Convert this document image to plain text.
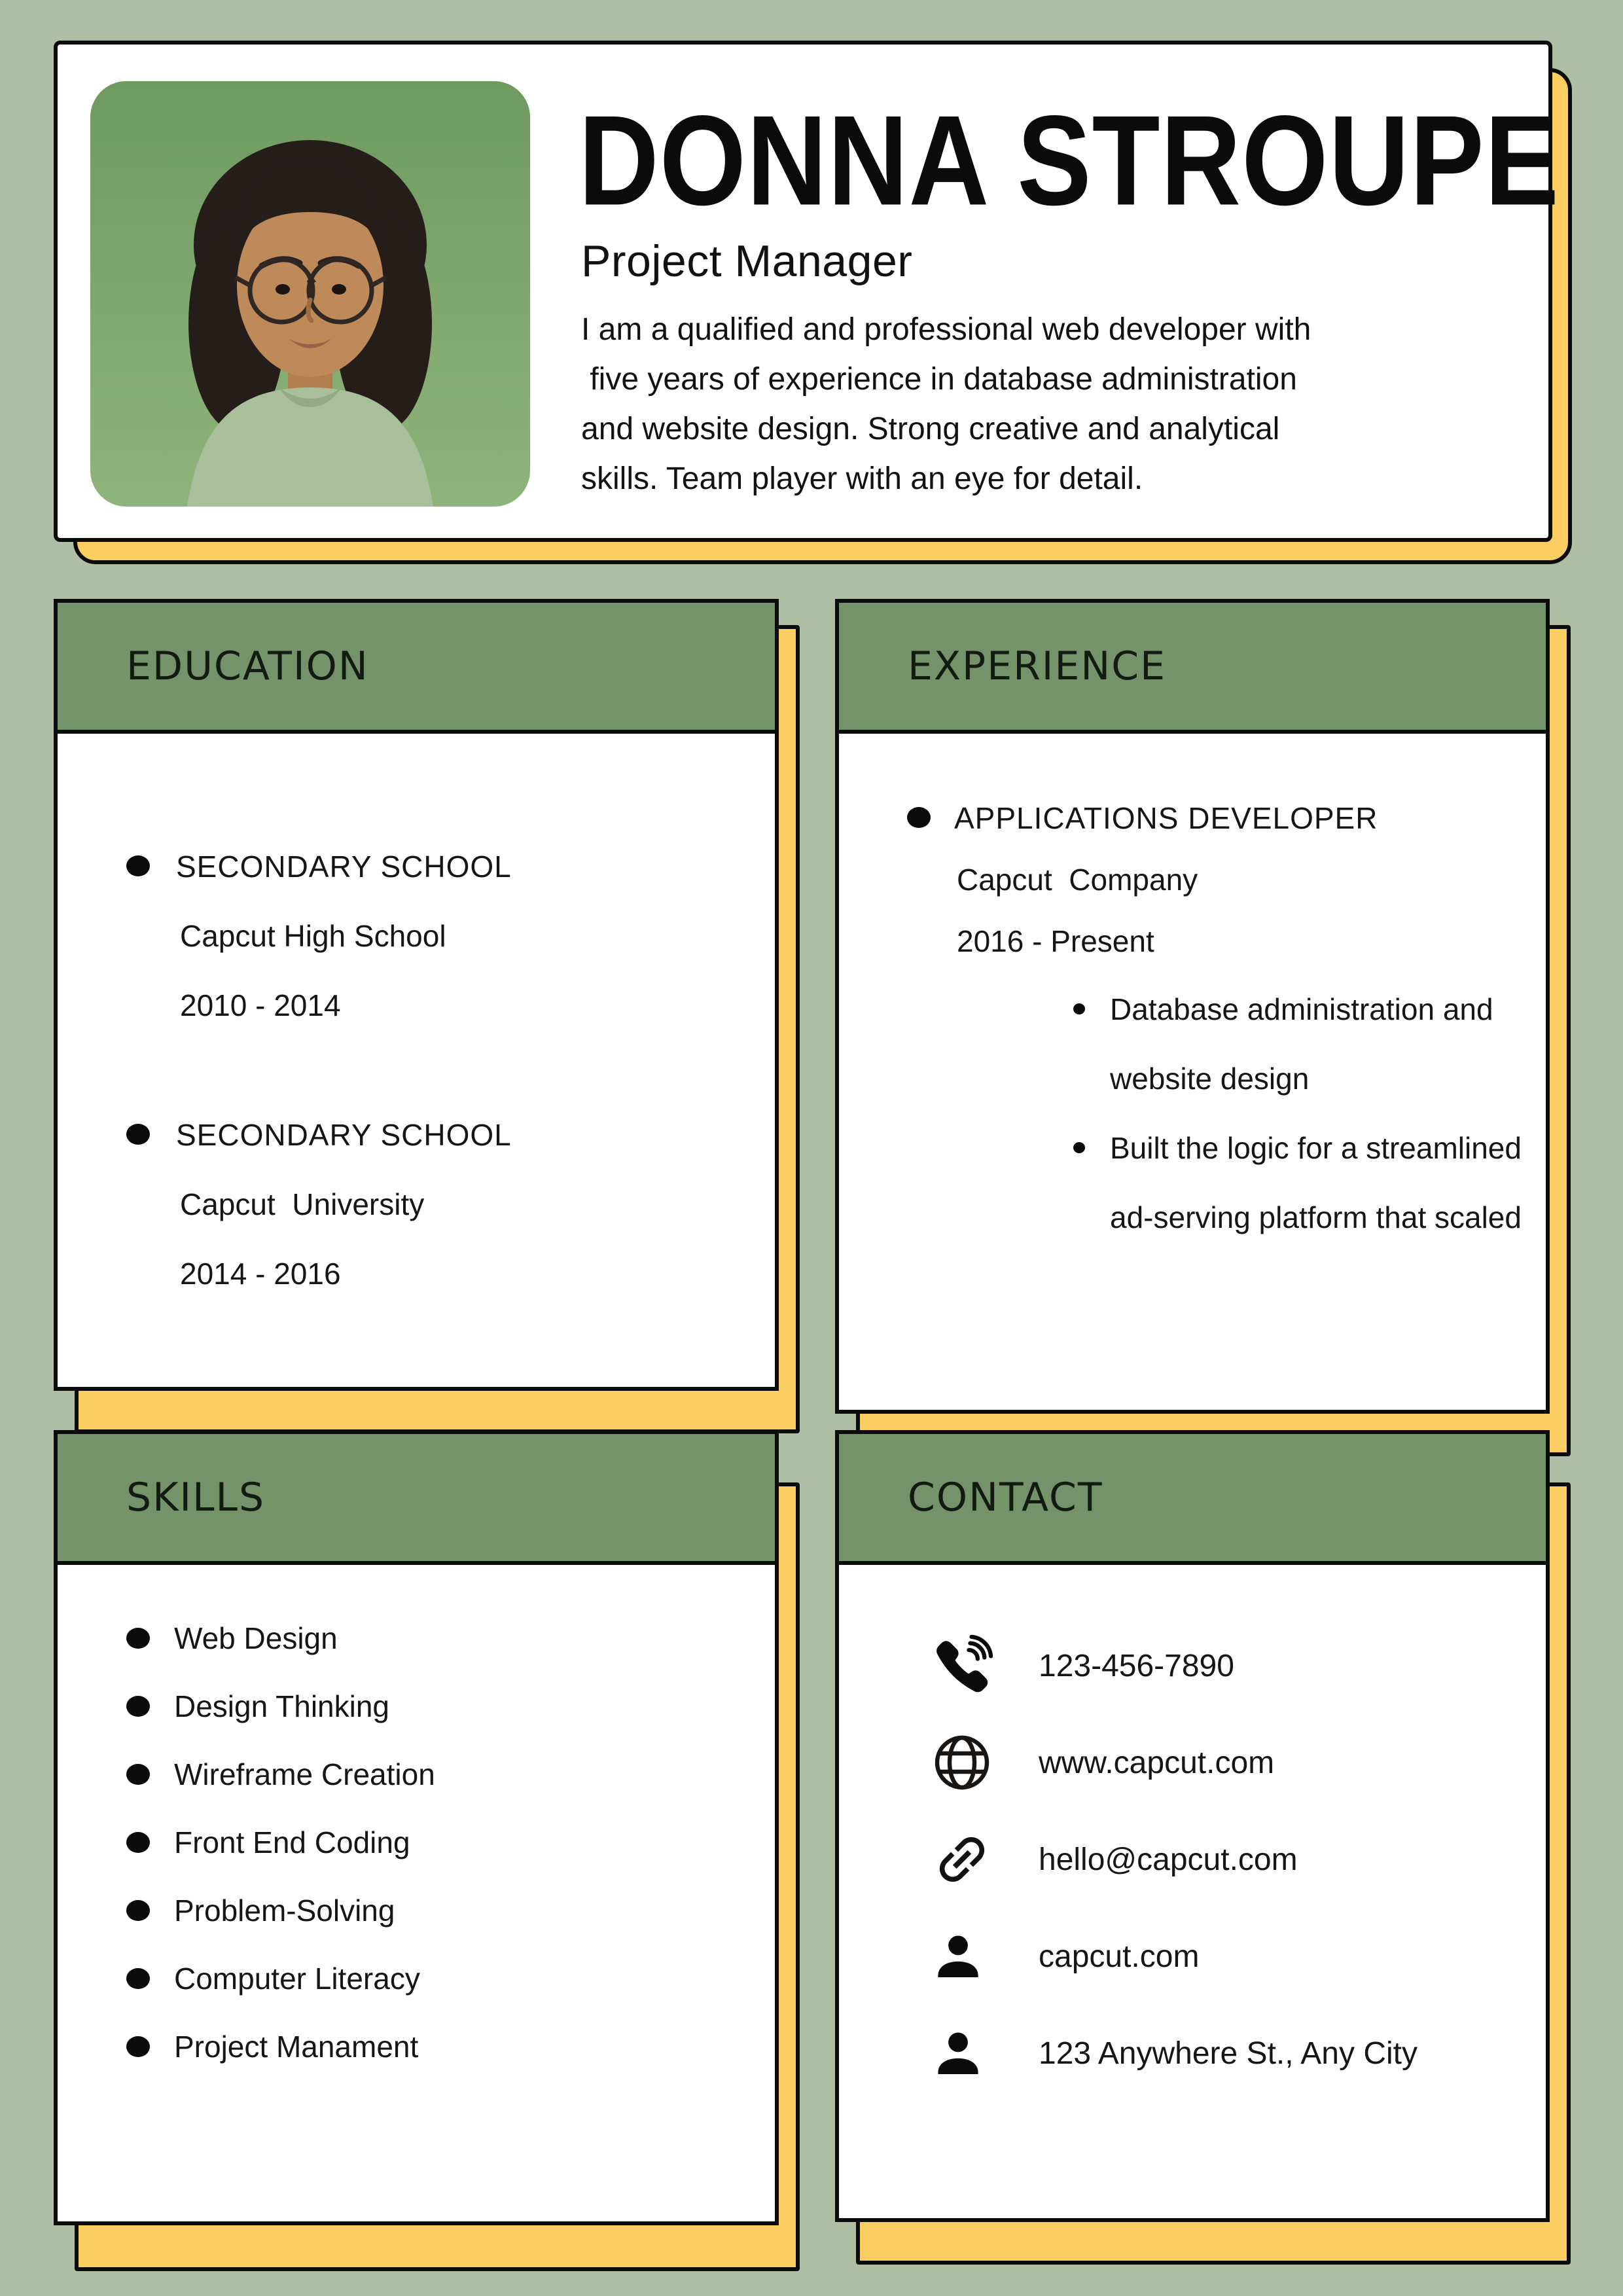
DONNA STROUPE
Project Manager
I am a qualified and professional web developer with
five years of experience in database administration
and website design. Strong creative and analytical
skills. Team player with an eye for detail.
EDUCATION
SECONDARY SCHOOL
Capcut High School
2010 - 2014
SECONDARY SCHOOL
Capcut  University
2014 - 2016
EXPERIENCE
APPLICATIONS DEVELOPER
Capcut  Company
2016 - Present
Database administration and website design
Built the logic for a streamlined ad-serving platform that scaled
SKILLS
Web Design
Design Thinking
Wireframe Creation
Front End Coding
Problem-Solving
Computer Literacy
Project Manament
CONTACT
123-456-7890
www.capcut.com
hello@capcut.com
capcut.com
123 Anywhere St., Any City
